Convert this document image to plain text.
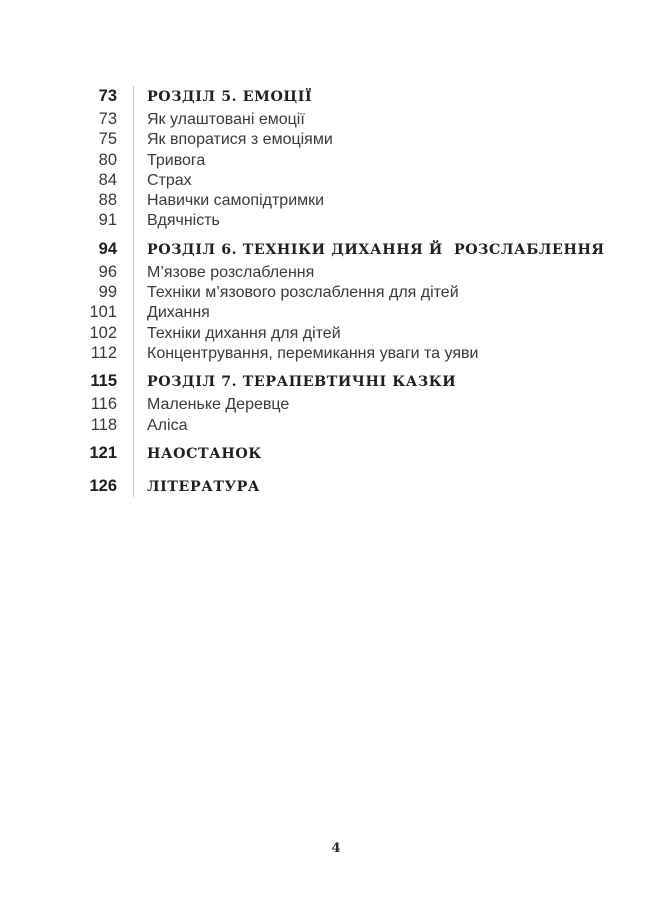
73 РОЗДІЛ 5. ЕМОЦІЇ
73 Як улаштовані емоції
75 Як впоратися з емоціями
80 Тривога
84 Страх
88 Навички самопідтримки
91 Вдячність
94 РОЗДІЛ 6. ТЕХНІКИ ДИХАННЯ Й  РОЗСЛАБЛЕННЯ
96 М’язове розслаблення
99 Техніки м’язового розслаблення для дітей
101 Дихання
102 Техніки дихання для дітей
112 Концентрування, перемикання уваги та уяви
115 РОЗДІЛ 7. ТЕРАПЕВТИЧНІ КАЗКИ
116 Маленьке Деревце
118 Аліса
121 НАОСТАНОК
126 ЛІТЕРАТУРА
4
